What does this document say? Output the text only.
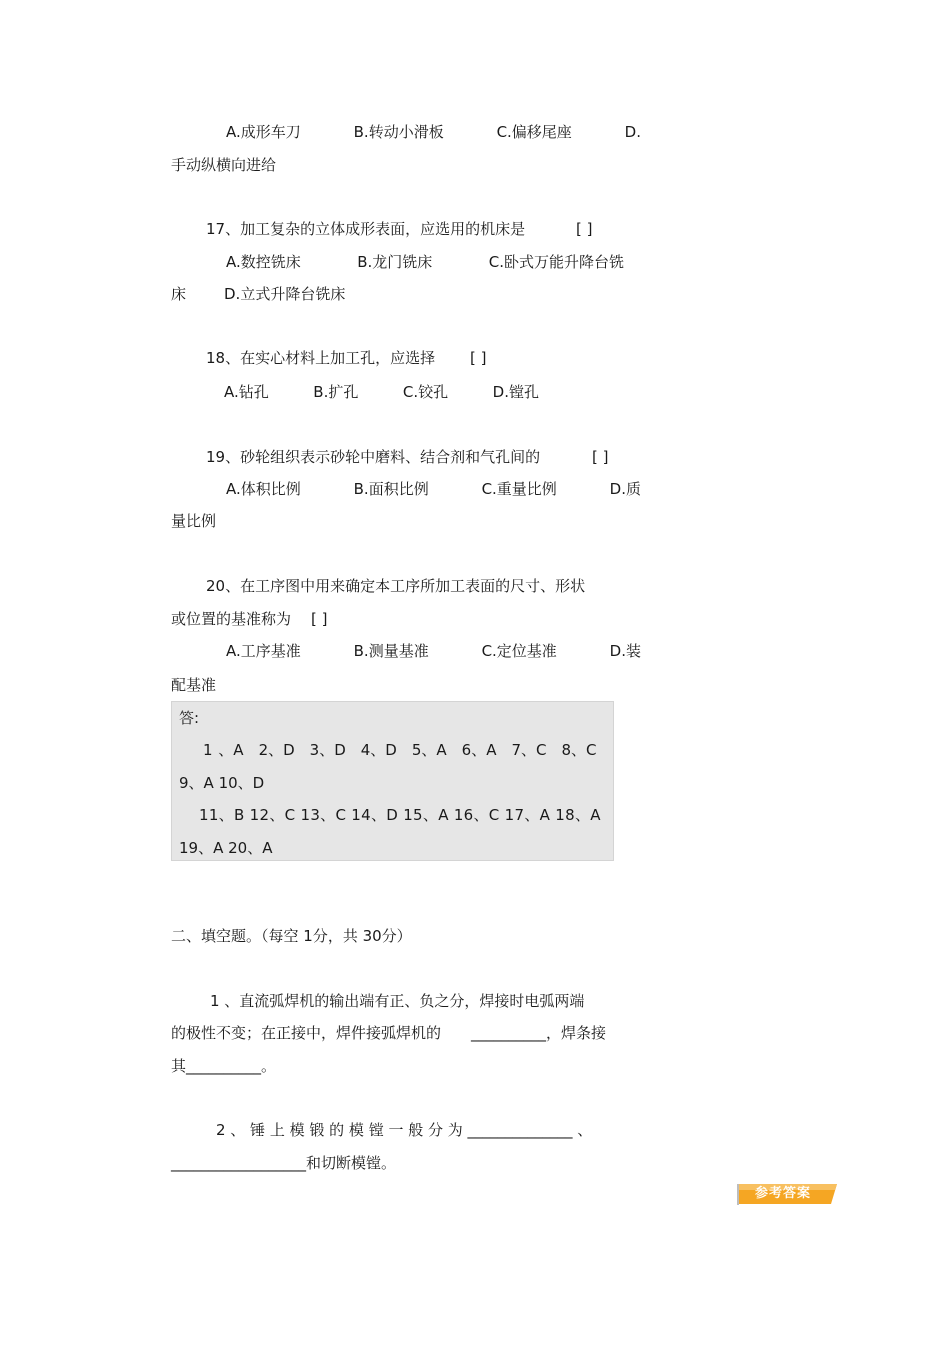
A.成形车刀	B.转动小滑板	C.偏移尾座	D.
手动纵横向进给
17、加工复杂的立体成形表面，应选用的机床是	[ ]
A.数控铣床	B.龙门铣床	C.卧式万能升降台铣
床	D.立式升降台铣床
18、在实心材料上加工孔，应选择 [ ]
A.钻孔	B.扩孔	C.铰孔	D.镗孔
19、砂轮组织表示砂轮中磨料、结合剂和气孔间的	[ ]
A.体积比例	B.面积比例	C.重量比例	D.质
量比例
20、在工序图中用来确定本工序所加工表面的尺寸、形状
或位置的基准称为 [ ]
A.工序基准	B.测量基准	C.定位基准	D.装
配基准
答:
1 、A　2、D　3、D　4、D　5、A　6、A　7、C　8、C
9、A 10、D
11、B 12、C 13、C 14、D 15、A 16、C 17、A 18、A
19、A 20、A
二、填空题。（每空 1分，共 30分）
1 、直流弧焊机的输出端有正、负之分，焊接时电弧两端
的极性不变；在正接中，焊件接弧焊机的　　__________，焊条接
其__________。
2 、 锤 上 模 锻 的 模 镗 一 般 分 为 ______________ 、
__________________和切断模镗。
参考答案
